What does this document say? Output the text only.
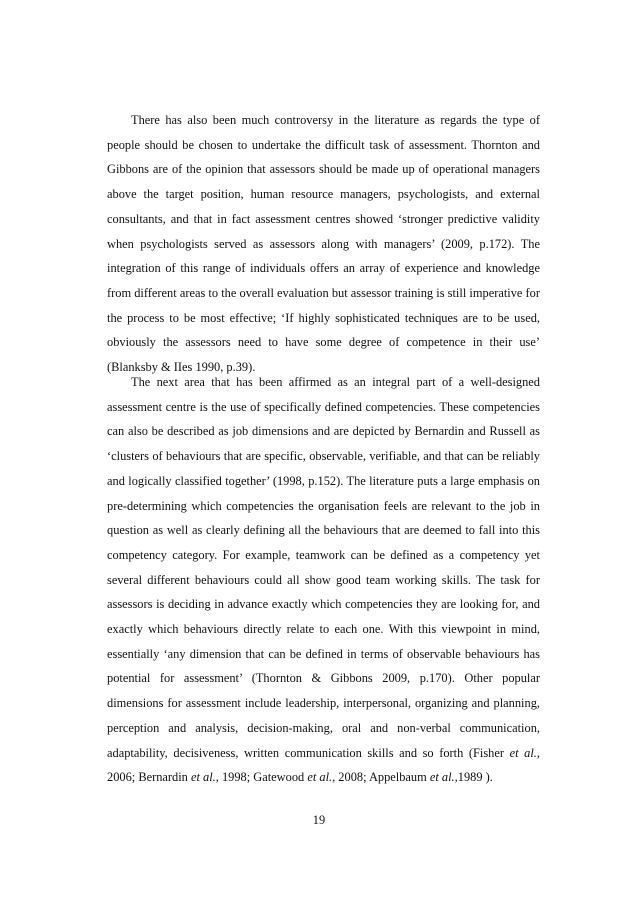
There has also been much controversy in the literature as regards the type of people should be chosen to undertake the difficult task of assessment. Thornton and Gibbons are of the opinion that assessors should be made up of operational managers above the target position, human resource managers, psychologists, and external consultants, and that in fact assessment centres showed ‘stronger predictive validity when psychologists served as assessors along with managers’ (2009, p.172). The integration of this range of individuals offers an array of experience and knowledge from different areas to the overall evaluation but assessor training is still imperative for the process to be most effective; ‘If highly sophisticated techniques are to be used, obviously the assessors need to have some degree of competence in their use’ (Blanksby & IIes 1990, p.39).

The next area that has been affirmed as an integral part of a well-designed assessment centre is the use of specifically defined competencies. These competencies can also be described as job dimensions and are depicted by Bernardin and Russell as ‘clusters of behaviours that are specific, observable, verifiable, and that can be reliably and logically classified together’ (1998, p.152). The literature puts a large emphasis on pre-determining which competencies the organisation feels are relevant to the job in question as well as clearly defining all the behaviours that are deemed to fall into this competency category. For example, teamwork can be defined as a competency yet several different behaviours could all show good team working skills. The task for assessors is deciding in advance exactly which competencies they are looking for, and exactly which behaviours directly relate to each one. With this viewpoint in mind, essentially ‘any dimension that can be defined in terms of observable behaviours has potential for assessment’ (Thornton & Gibbons 2009, p.170). Other popular dimensions for assessment include leadership, interpersonal, organizing and planning, perception and analysis, decision-making, oral and non-verbal communication, adaptability, decisiveness, written communication skills and so forth (Fisher et al., 2006; Bernardin et al., 1998; Gatewood et al., 2008; Appelbaum et al.,1989 ).

19
